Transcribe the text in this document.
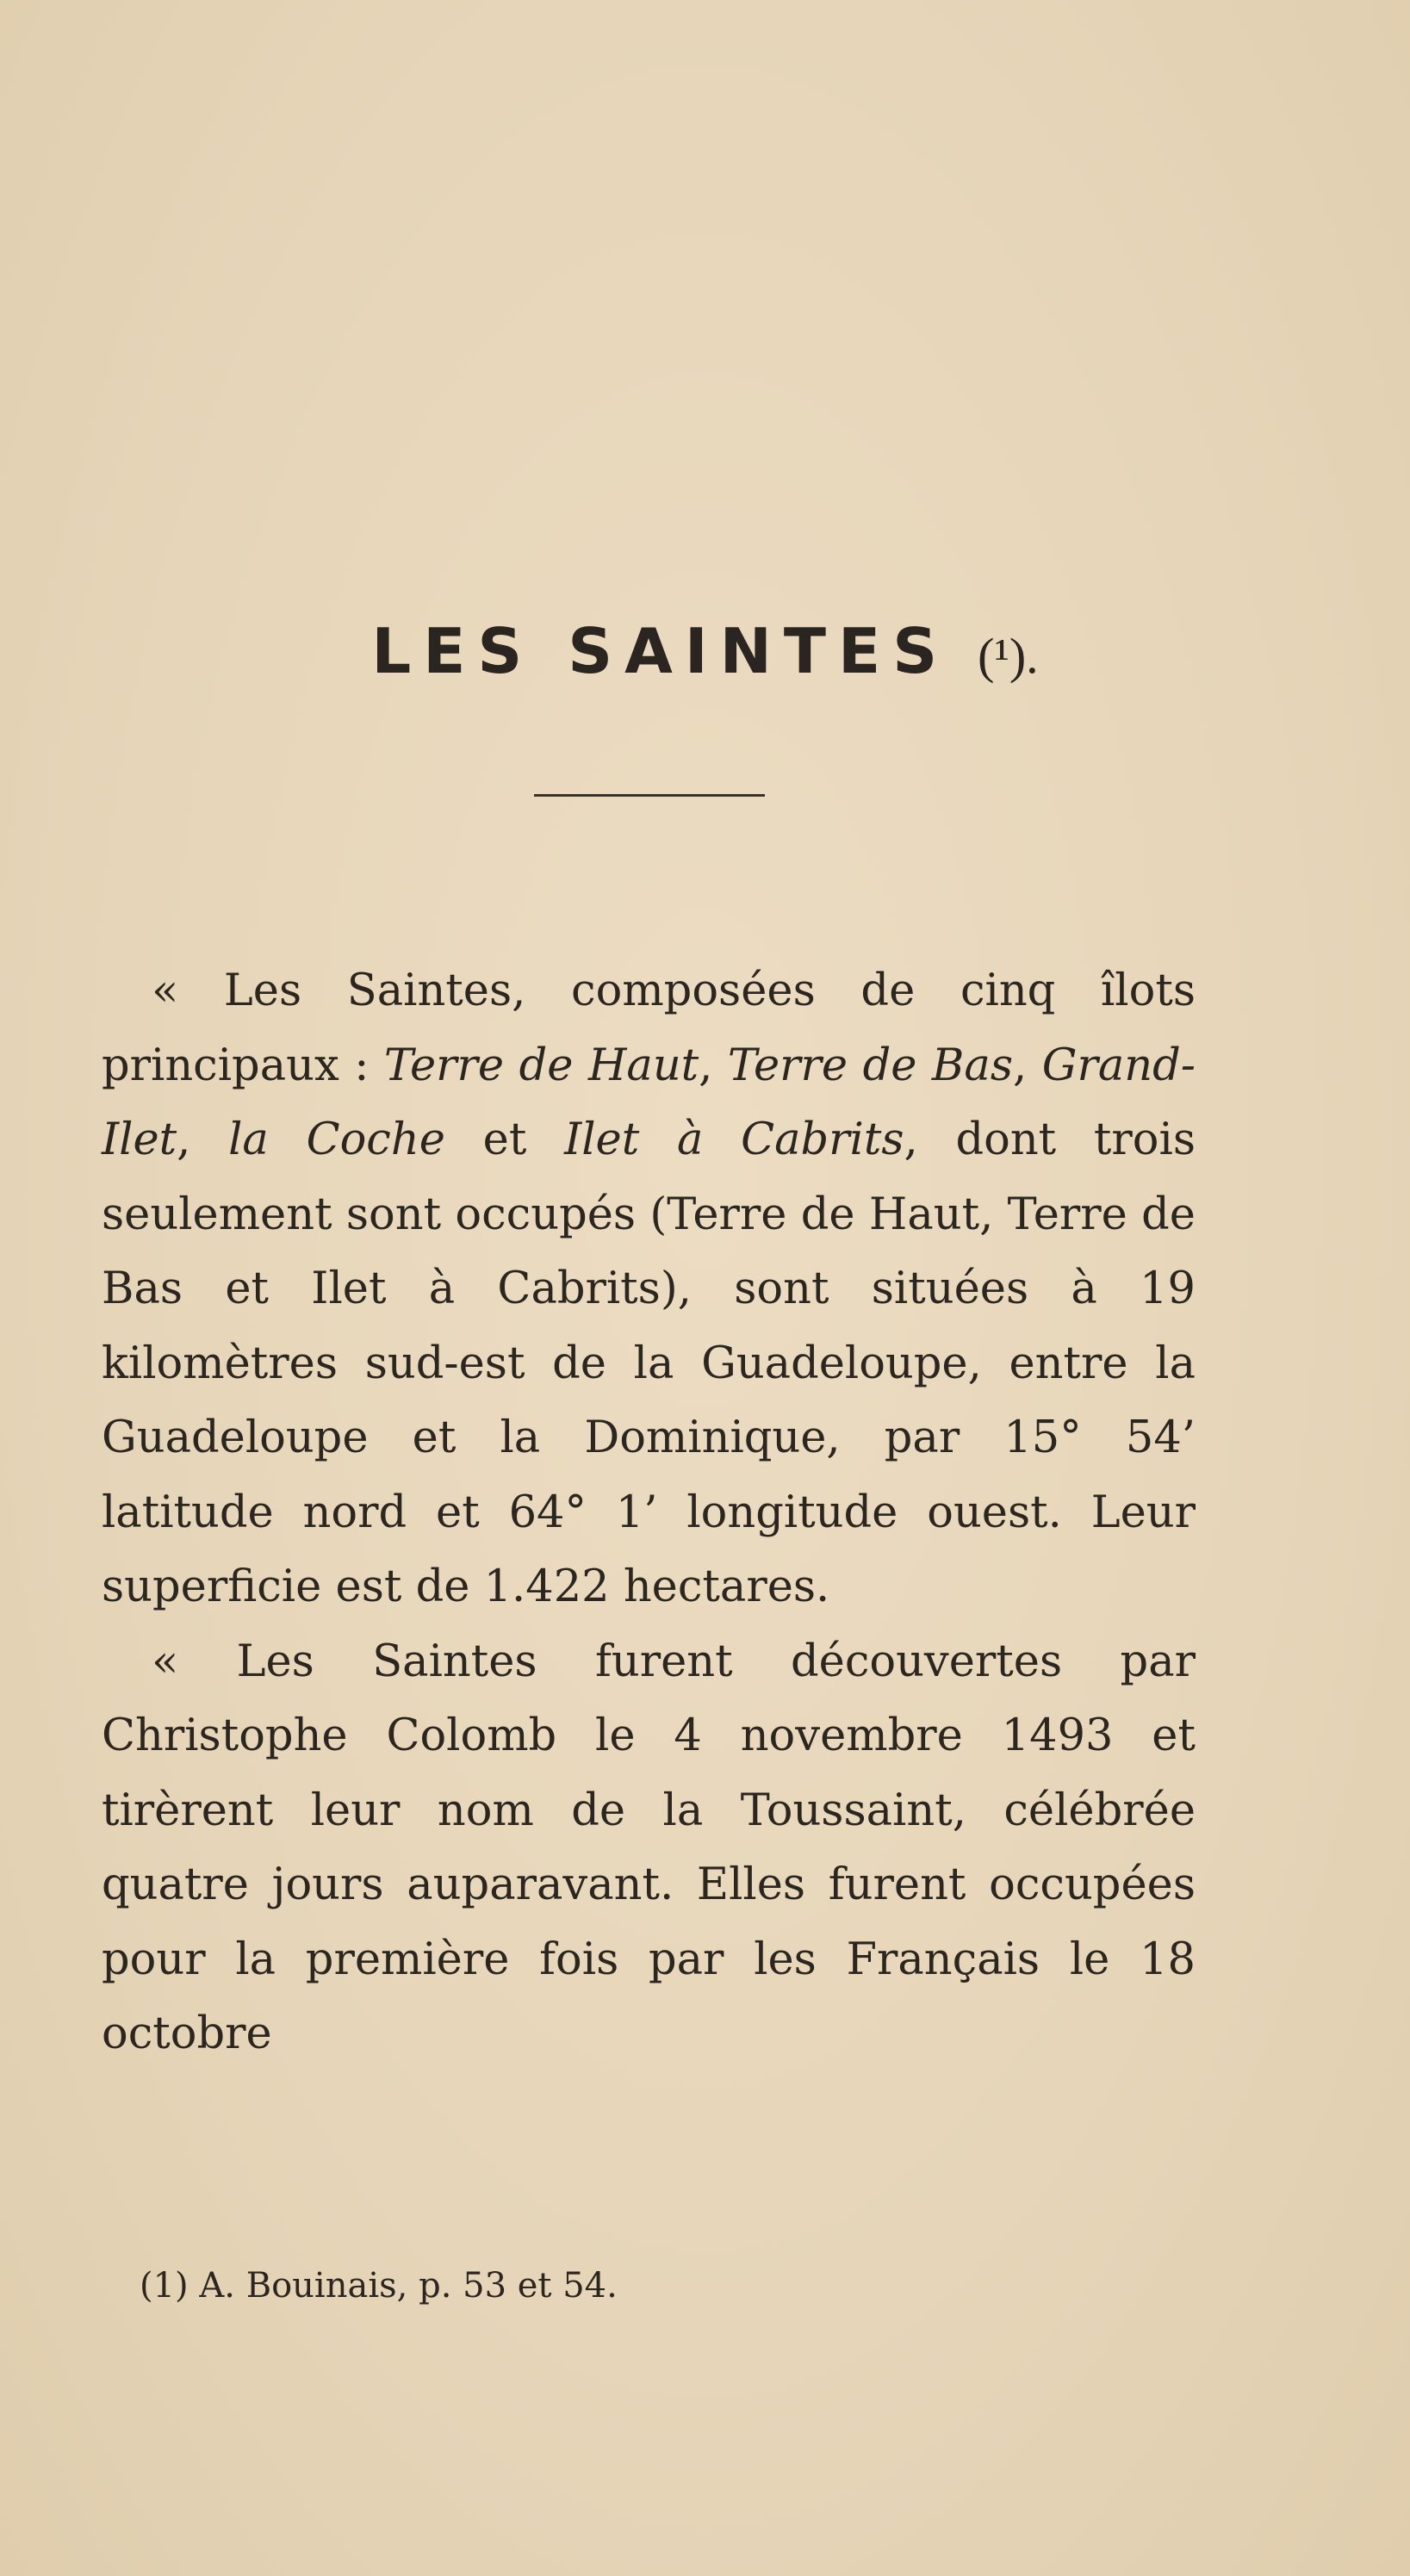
LES SAINTES (¹).

« Les Saintes, composées de cinq îlots principaux : Terre de Haut, Terre de Bas, Grand-Ilet, la Coche et Ilet à Cabrits, dont trois seulement sont occupés (Terre de Haut, Terre de Bas et Ilet à Cabrits), sont situées à 19 kilomètres sud-est de la Guadeloupe, entre la Guadeloupe et la Dominique, par 15° 54’ latitude nord et 64° 1’ longitude ouest. Leur superficie est de 1.422 hectares.

« Les Saintes furent découvertes par Christophe Colomb le 4 novembre 1493 et tirèrent leur nom de la Toussaint, célébrée quatre jours auparavant. Elles furent occupées pour la première fois par les Français le 18 octobre

(1) A. Bouinais, p. 53 et 54.
